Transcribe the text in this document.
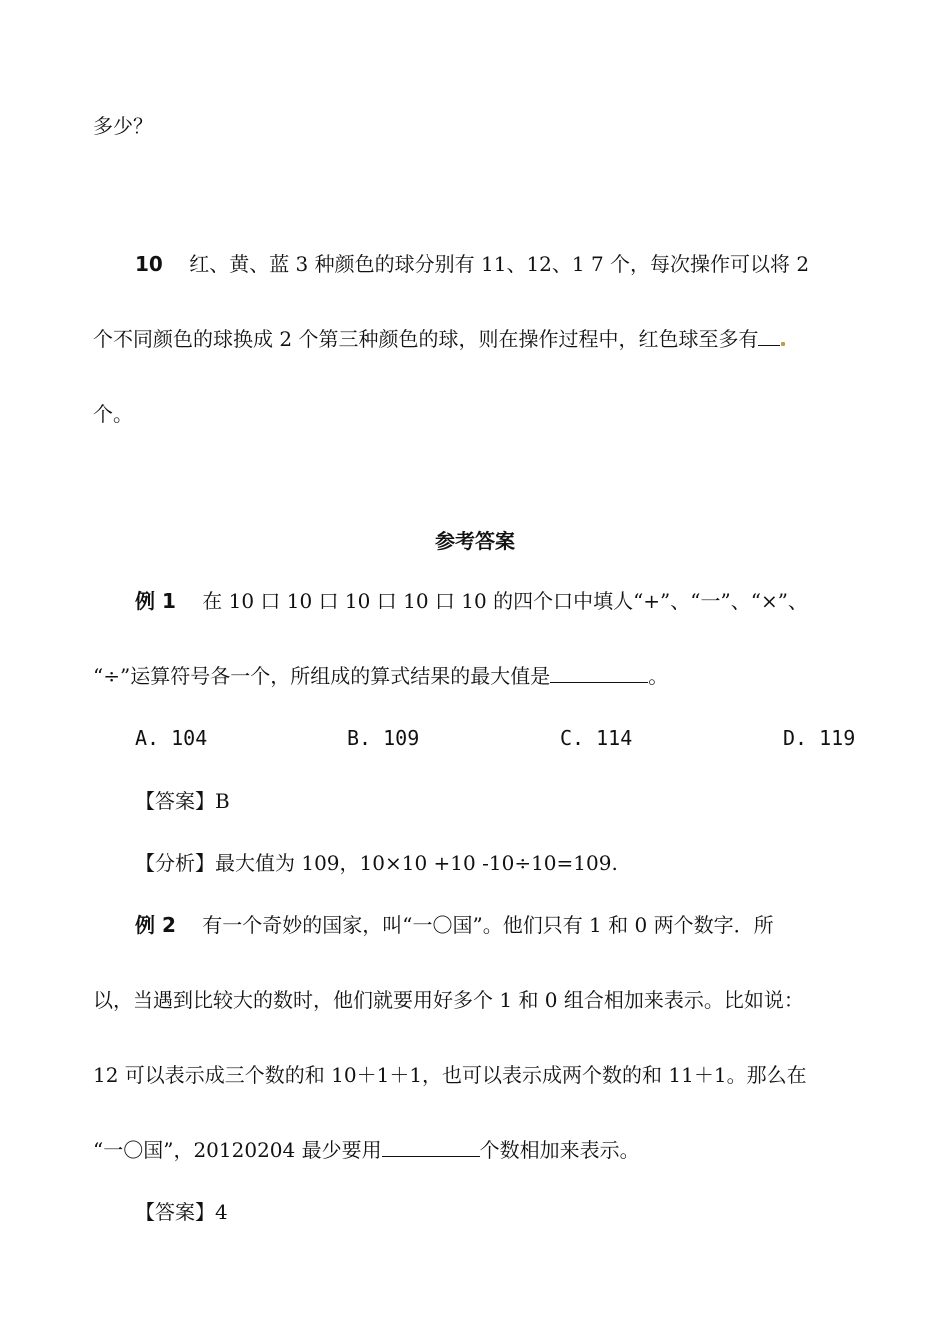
多少？

10 红、黄、蓝 3 种颜色的球分别有 11、12、1 7 个，每次操作可以将 2

个不同颜色的球换成 2 个第三种颜色的球，则在操作过程中，红色球至多有

个。

参考答案

例 1 在 10 口 10 口 10 口 10 口 10 的四个口中填人“+”、“一”、“×”、

“÷”运算符号各一个，所组成的算式结果的最大值是	。

A. 104	B. 109	C. 114	D. 119

【答案】B

【分析】最大值为 109，10×10 +10 -10÷10=109.

例 2 有一个奇妙的国家，叫“一〇国”。他们只有 1 和 0 两个数字．所

以，当遇到比较大的数时，他们就要用好多个 1 和 0 组合相加来表示。比如说：

12 可以表示成三个数的和 10＋1＋1，也可以表示成两个数的和 11＋1。那么在

“一〇国”，20120204 最少要用	个数相加来表示。

【答案】4
